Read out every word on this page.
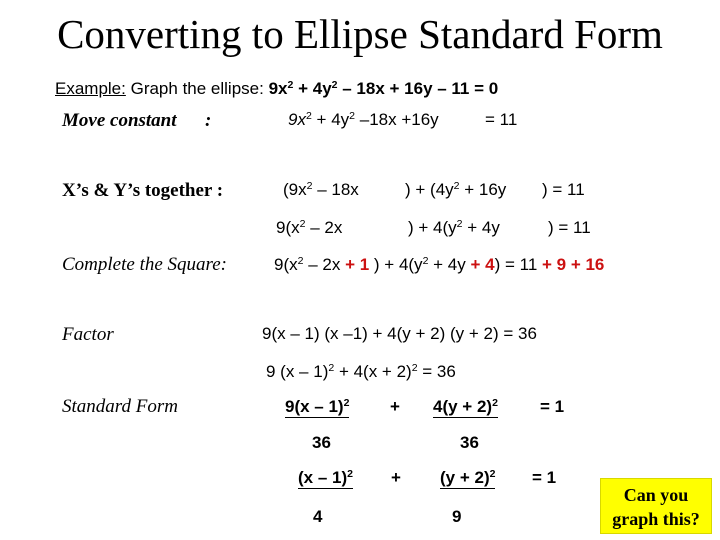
Converting to Ellipse Standard Form
Example: Graph the ellipse: $9x^2 + 4y^2 - 18x + 16y - 11 = 0$
Move constant :	$9x^2 + 4y^2$ –18x +16y	= 11
X’s & Y’s together :	($9x^2 - 18x$	) + ($4y^2 + 16y$ ) = 11
$9(x^2 - 2x$	) + $4(y^2 + 4y$	) = 11
Complete the Square:	$9(x^2 - 2x + 1$ ) + $4(y^2 + 4y + 4) = 11 + 9 + 16$
Factor	9(x – 1) (x –1) + 4(y + 2) (y + 2) = 36
9 $(x - 1)^2 + 4(x + 2)^2 = 36$
Standard Form	$9(x - 1)^2 + 4(y + 2)^2 = 1$
36	36
$(x - 1)^2 + (y + 2)^2 = 1$
4	9
Can you
graph this?
